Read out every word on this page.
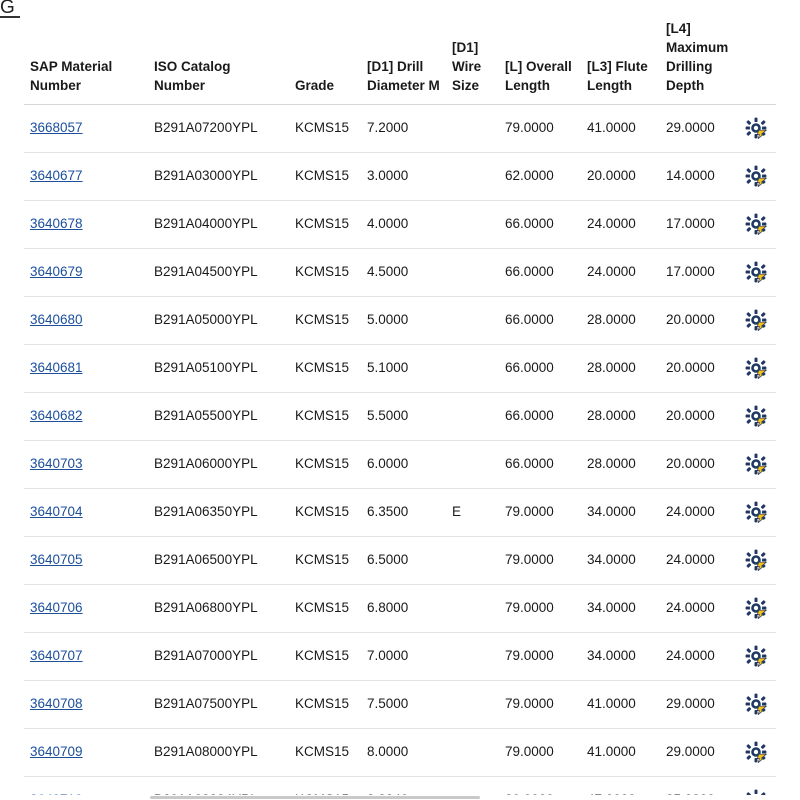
G
SAP Material Number	ISO Catalog Number	Grade	[D1] Drill Diameter M	[D1] Wire Size	[L] Overall Length	[L3] Flute Length	[L4] Maximum Drilling Depth	
3668057	B291A07200YPL	KCMS15	7.2000		79.0000	41.0000	29.0000	

3640677	B291A03000YPL	KCMS15	3.0000		62.0000	20.0000	14.0000	

3640678	B291A04000YPL	KCMS15	4.0000		66.0000	24.0000	17.0000	

3640679	B291A04500YPL	KCMS15	4.5000		66.0000	24.0000	17.0000	

3640680	B291A05000YPL	KCMS15	5.0000		66.0000	28.0000	20.0000	

3640681	B291A05100YPL	KCMS15	5.1000		66.0000	28.0000	20.0000	

3640682	B291A05500YPL	KCMS15	5.5000		66.0000	28.0000	20.0000	

3640703	B291A06000YPL	KCMS15	6.0000		66.0000	28.0000	20.0000	

3640704	B291A06350YPL	KCMS15	6.3500	E	79.0000	34.0000	24.0000	

3640705	B291A06500YPL	KCMS15	6.5000		79.0000	34.0000	24.0000	

3640706	B291A06800YPL	KCMS15	6.8000		79.0000	34.0000	24.0000	

3640707	B291A07000YPL	KCMS15	7.0000		79.0000	34.0000	24.0000	

3640708	B291A07500YPL	KCMS15	7.5000		79.0000	41.0000	29.0000	

3640709	B291A08000YPL	KCMS15	8.0000		79.0000	41.0000	29.0000	
